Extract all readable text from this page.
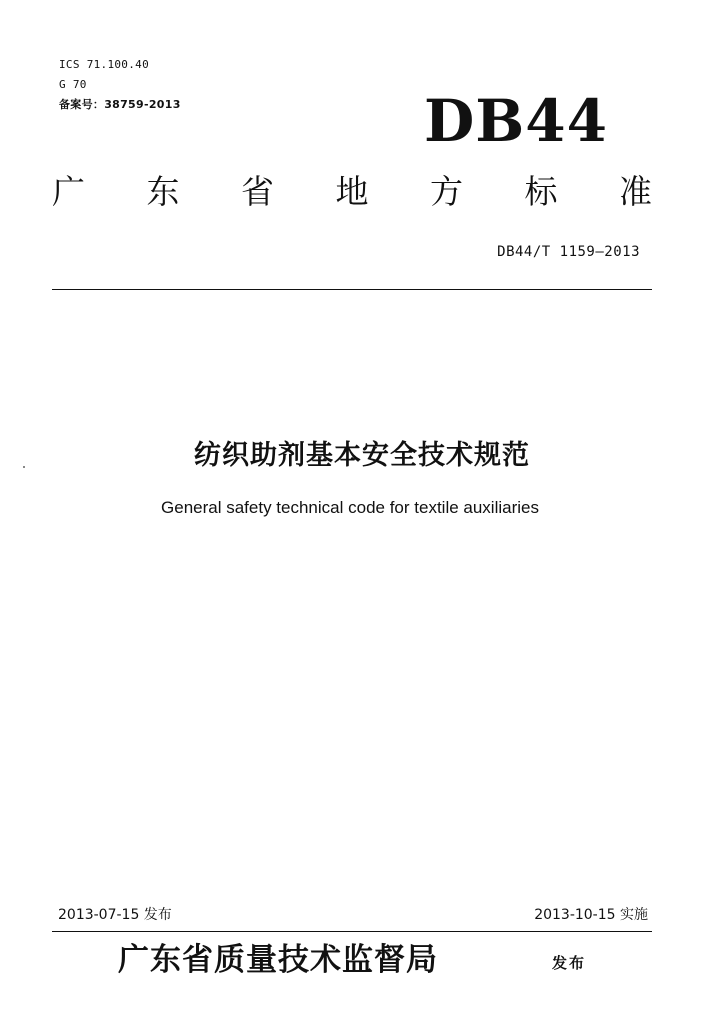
ICS 71.100.40
G 70
备案号：38759-2013	DB44
广 东 省 地 方 标 准
DB44/T 1159—2013
纺织助剂基本安全技术规范
General safety technical code for textile auxiliaries
2013-07-15 发布	2013-10-15 实施
广东省质量技术监督局	发布
